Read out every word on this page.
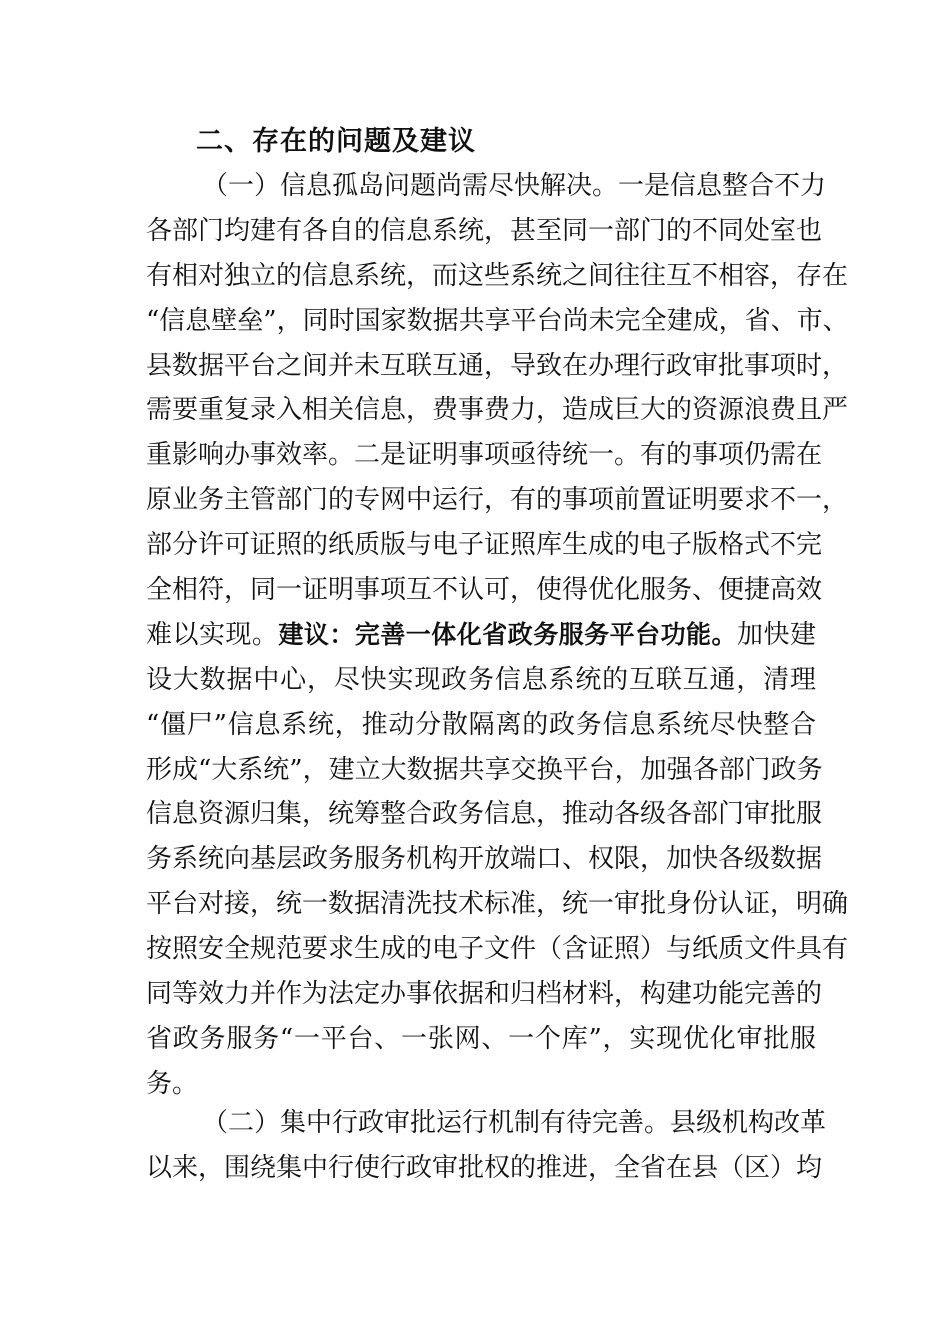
二、存在的问题及建议
（一）信息孤岛问题尚需尽快解决。一是信息整合不力
各部门均建有各自的信息系统，甚至同一部门的不同处室也
有相对独立的信息系统，而这些系统之间往往互不相容，存在
“信息壁垒”，同时国家数据共享平台尚未完全建成，省、市、
县数据平台之间并未互联互通，导致在办理行政审批事项时，
需要重复录入相关信息，费事费力，造成巨大的资源浪费且严
重影响办事效率。二是证明事项亟待统一。有的事项仍需在
原业务主管部门的专网中运行，有的事项前置证明要求不一，
部分许可证照的纸质版与电子证照库生成的电子版格式不完
全相符，同一证明事项互不认可，使得优化服务、便捷高效
难以实现。建议：完善一体化省政务服务平台功能。加快建
设大数据中心，尽快实现政务信息系统的互联互通，清理
“僵尸”信息系统，推动分散隔离的政务信息系统尽快整合
形成“大系统”，建立大数据共享交换平台，加强各部门政务
信息资源归集，统筹整合政务信息，推动各级各部门审批服
务系统向基层政务服务机构开放端口、权限，加快各级数据
平台对接，统一数据清洗技术标准，统一审批身份认证，明确
按照安全规范要求生成的电子文件（含证照）与纸质文件具有
同等效力并作为法定办事依据和归档材料，构建功能完善的
省政务服务“一平台、一张网、一个库”，实现优化审批服
务。
（二）集中行政审批运行机制有待完善。县级机构改革
以来，围绕集中行使行政审批权的推进，全省在县（区）均
